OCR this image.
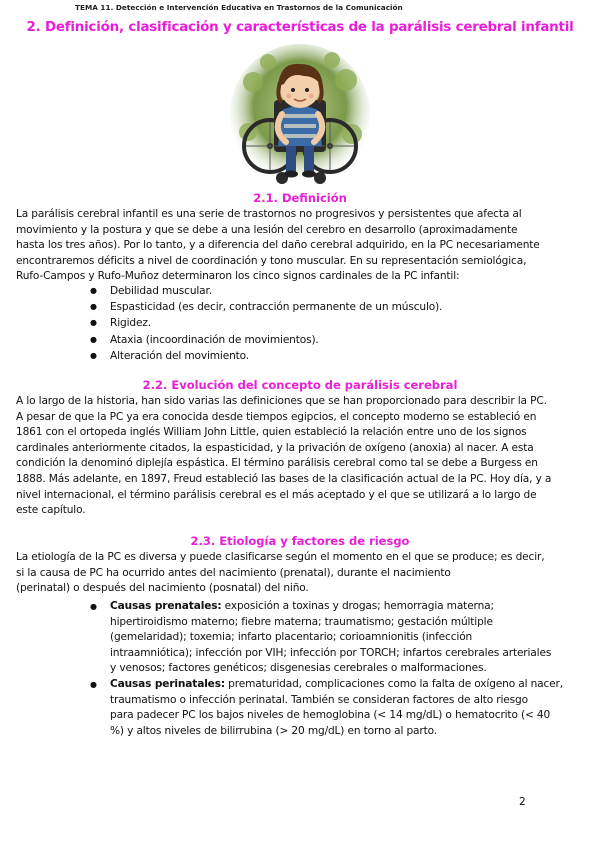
TEMA 11. Detección e Intervención Educativa en Trastornos de la Comunicación
2. Definición, clasificación y características de la parálisis cerebral infantil
2.1. Definición
La parálisis cerebral infantil es una serie de trastornos no progresivos y persistentes que afecta al
movimiento y la postura y que se debe a una lesión del cerebro en desarrollo (aproximadamente
hasta los tres años). Por lo tanto, y a diferencia del daño cerebral adquirido, en la PC necesariamente
encontraremos déficits a nivel de coordinación y tono muscular. En su representación semiológica,
Rufo-Campos y Rufo-Muñoz determinaron los cinco signos cardinales de la PC infantil:
● Debilidad muscular.
● Espasticidad (es decir, contracción permanente de un músculo).
● Rigidez.
● Ataxia (incoordinación de movimientos).
● Alteración del movimiento.
2.2. Evolución del concepto de parálisis cerebral
A lo largo de la historia, han sido varias las definiciones que se han proporcionado para describir la PC.
A pesar de que la PC ya era conocida desde tiempos egipcios, el concepto moderno se estableció en
1861 con el ortopeda inglés William John Little, quien estableció la relación entre uno de los signos
cardinales anteriormente citados, la espasticidad, y la privación de oxígeno (anoxia) al nacer. A esta
condición la denominó diplejía espástica. El término parálisis cerebral como tal se debe a Burgess en
1888. Más adelante, en 1897, Freud estableció las bases de la clasificación actual de la PC. Hoy día, y a
nivel internacional, el término parálisis cerebral es el más aceptado y el que se utilizará a lo largo de
este capítulo.
2.3. Etiología y factores de riesgo
La etiología de la PC es diversa y puede clasificarse según el momento en el que se produce; es decir,
si la causa de PC ha ocurrido antes del nacimiento (prenatal), durante el nacimiento
(perinatal) o después del nacimiento (posnatal) del niño.
● Causas prenatales: exposición a toxinas y drogas; hemorragia materna;
hipertiroidismo materno; fiebre materna; traumatismo; gestación múltiple
(gemelaridad); toxemia; infarto placentario; corioamnionitis (infección
intraamniótica); infección por VIH; infección por TORCH; infartos cerebrales arteriales
y venosos; factores genéticos; disgenesias cerebrales o malformaciones.
● Causas perinatales: prematuridad, complicaciones como la falta de oxígeno al nacer,
traumatismo o infección perinatal. También se consideran factores de alto riesgo
para padecer PC los bajos niveles de hemoglobina (< 14 mg/dL) o hematocrito (< 40
%) y altos niveles de bilirrubina (> 20 mg/dL) en torno al parto.
2
